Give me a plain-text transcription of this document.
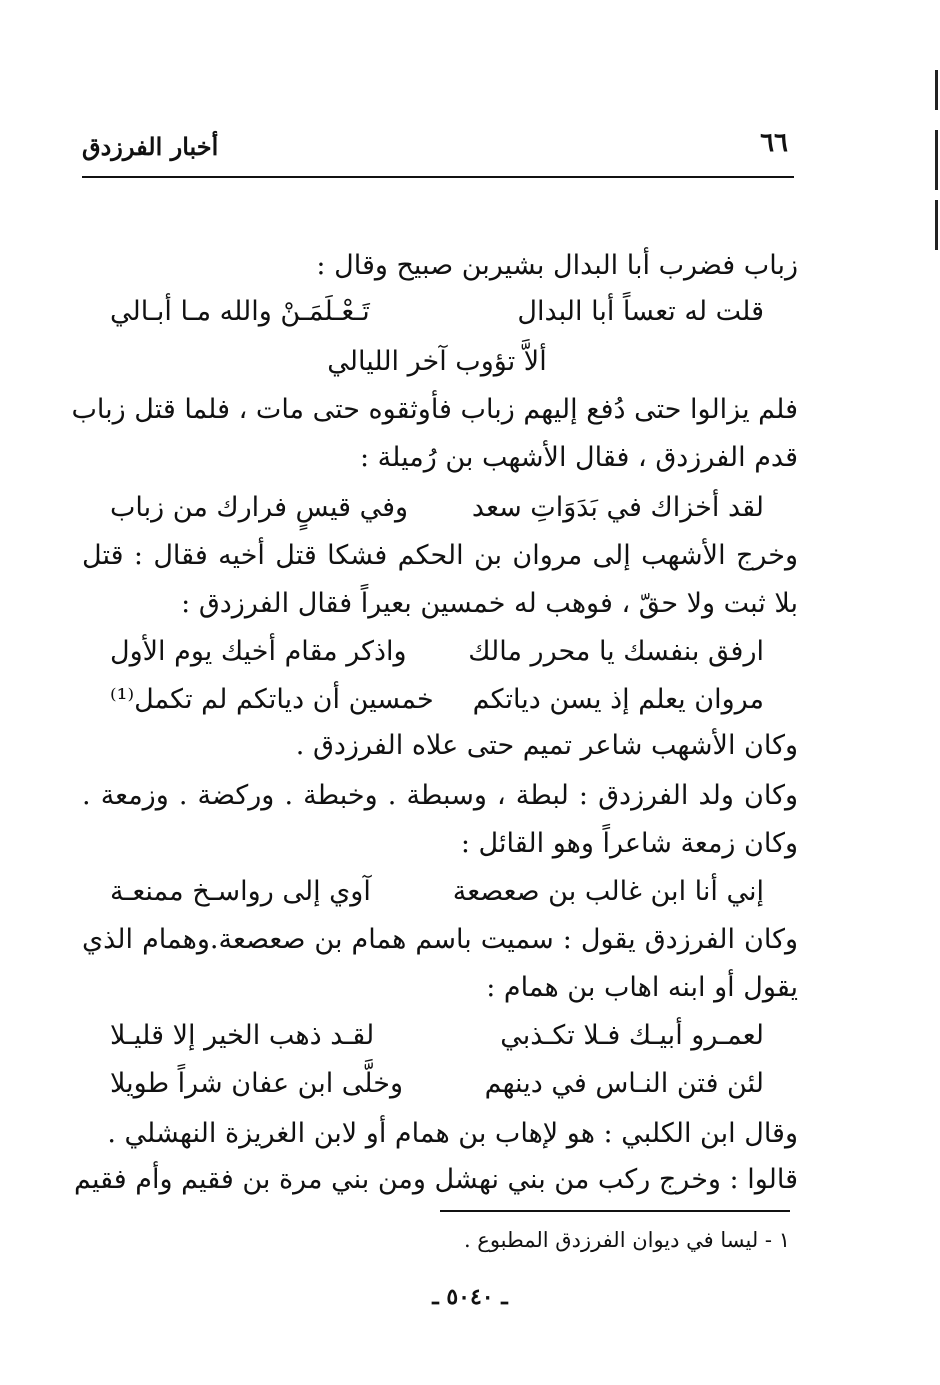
٦٦
أخبار الفرزدق
زباب فضرب أبا البدال بشيربن صبيح وقال :
قلت له تعساً أبا البدال
تَـعْـلَمَـنْ والله مـا أبـالي
ألاَّ تؤوب آخر الليالي
فلم يزالوا حتى دُفع إليهم زباب فأوثقوه حتى مات ، فلما قتل زباب
قدم الفرزدق ، فقال الأشهب بن رُميلة :
لقد أخزاك في بَدَوَاتِ سعد
وفي قيسٍ فرارك من زباب
وخرج الأشهب إلى مروان بن الحكم فشكا قتل أخيه فقال : قتل
بلا ثبت ولا حقّ ، فوهب له خمسين بعيراً فقال الفرزدق :
ارفق بنفسك يا محرر مالك
واذكر مقام أخيك يوم الأول
مروان يعلم إذ يسن دياتكم
خمسين أن دياتكم لم تكمل⁽¹⁾
وكان الأشهب شاعر تميم حتى علاه الفرزدق .
وكان ولد الفرزدق : لبطة ، وسبطة . وخبطة . وركضة . وزمعة .
وكان زمعة شاعراً وهو القائل :
إني أنا ابن غالب بن صعصعة
آوي إلى رواسـخ ممنعـة
وكان الفرزدق يقول : سميت باسم همام بن صعصعة.وهمام الذي
يقول أو ابنه اهاب بن همام :
لعمـرو أبيـك فـلا تكـذبي
لقـد ذهب الخير إلا قليـلا
لئن فتن النـاس في دينهم
وخلَّى ابن عفان شراً طويلا
وقال ابن الكلبي : هو لإهاب بن همام أو لابن الغريزة النهشلي .
قالوا : وخرج ركب من بني نهشل ومن بني مرة بن فقيم وأم فقيم
١ - ليسا في ديوان الفرزدق المطبوع .
ـ ٥٠٤٠ ـ
